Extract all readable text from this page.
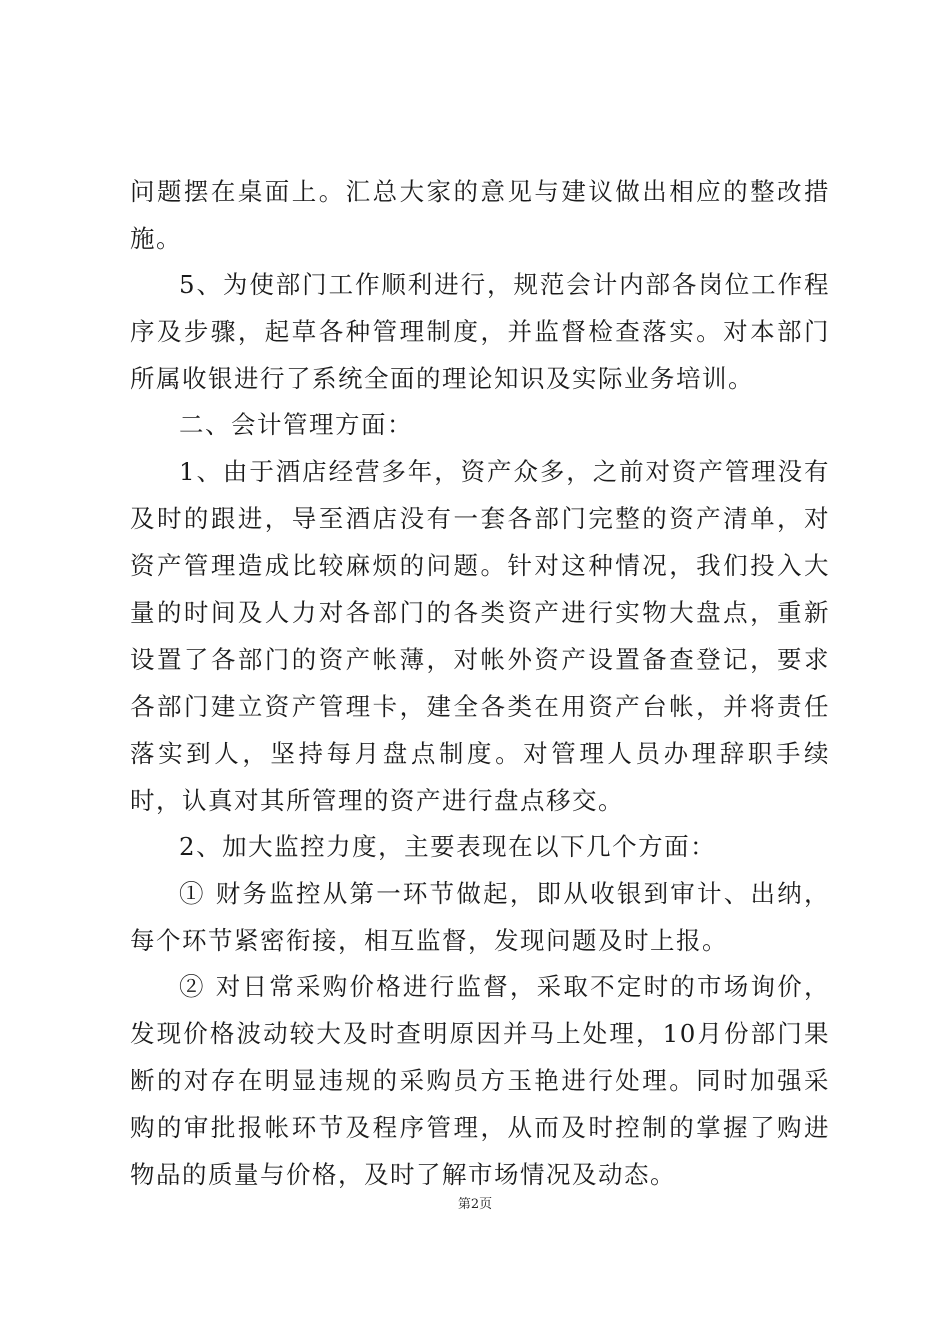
问题摆在桌面上。汇总大家的意见与建议做出相应的整改措施。
5、为使部门工作顺利进行，规范会计内部各岗位工作程序及步骤，起草各种管理制度，并监督检查落实。对本部门所属收银进行了系统全面的理论知识及实际业务培训。
二、会计管理方面：
1、由于酒店经营多年，资产众多，之前对资产管理没有及时的跟进，导至酒店没有一套各部门完整的资产清单，对资产管理造成比较麻烦的问题。针对这种情况，我们投入大量的时间及人力对各部门的各类资产进行实物大盘点，重新设置了各部门的资产帐薄，对帐外资产设置备查登记，要求各部门建立资产管理卡，建全各类在用资产台帐，并将责任落实到人，坚持每月盘点制度。对管理人员办理辞职手续时，认真对其所管理的资产进行盘点移交。
2、加大监控力度，主要表现在以下几个方面：
① 财务监控从第一环节做起，即从收银到审计、出纳，每个环节紧密衔接，相互监督，发现问题及时上报。
② 对日常采购价格进行监督，采取不定时的市场询价，发现价格波动较大及时查明原因并马上处理，10月份部门果断的对存在明显违规的采购员方玉艳进行处理。同时加强采购的审批报帐环节及程序管理，从而及时控制的掌握了购进物品的质量与价格，及时了解市场情况及动态。
第2页
